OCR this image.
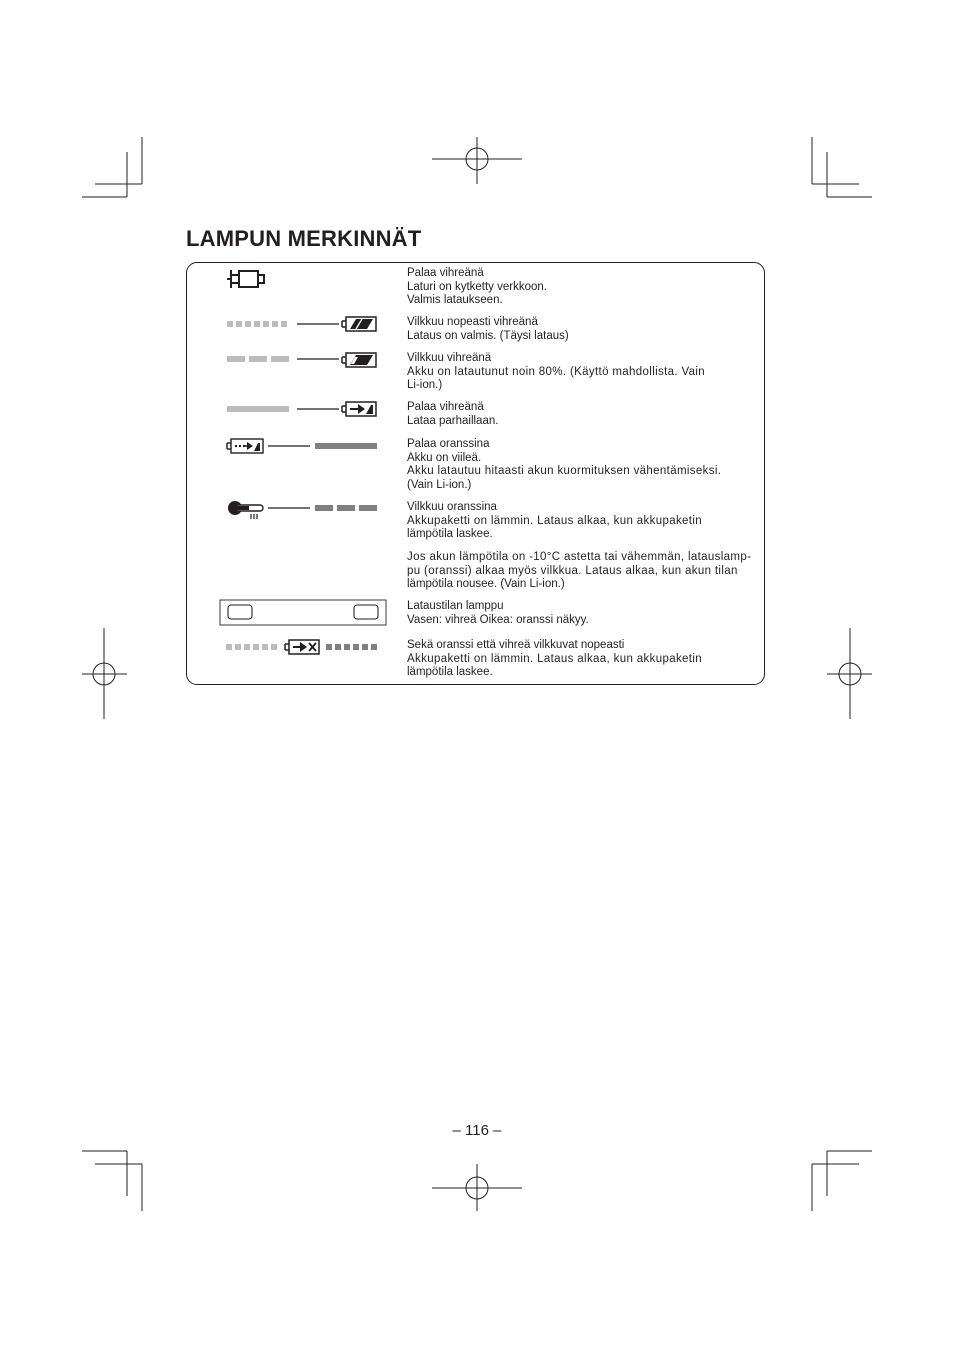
LAMPUN MERKINNÄT
Palaa vihreänä
Laturi on kytketty verkkoon.
Valmis lataukseen.
Vilkkuu nopeasti vihreänä
Lataus on valmis. (Täysi lataus)
Vilkkuu vihreänä
Akku on latautunut noin 80%. (Käyttö mahdollista. Vain
Li-ion.)
Palaa vihreänä
Lataa parhaillaan.
Palaa oranssina
Akku on viileä.
Akku latautuu hitaasti akun kuormituksen vähentämiseksi.
(Vain Li-ion.)
Vilkkuu oranssina
Akkupaketti on lämmin. Lataus alkaa, kun akkupaketin
lämpötila laskee.
Jos akun lämpötila on -10°C astetta tai vähemmän, latauslamp-
pu (oranssi) alkaa myös vilkkua. Lataus alkaa, kun akun tilan
lämpötila nousee. (Vain Li-ion.)
Lataustilan lamppu
Vasen: vihreä Oikea: oranssi näkyy.
Sekä oranssi että vihreä vilkkuvat nopeasti
Akkupaketti on lämmin. Lataus alkaa, kun akkupaketin
lämpötila laskee.
– 116 –
